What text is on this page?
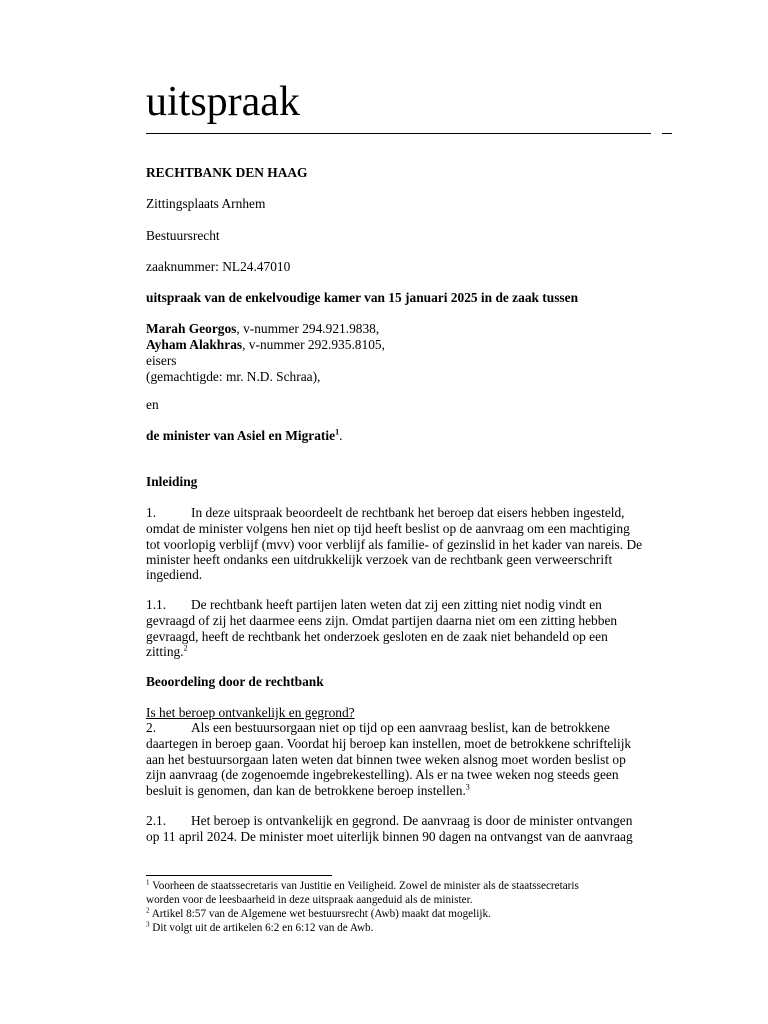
uitspraak
RECHTBANK DEN HAAG
Zittingsplaats Arnhem
Bestuursrecht
zaaknummer: NL24.47010
uitspraak van de enkelvoudige kamer van 15 januari 2025 in de zaak tussen
Marah Georgos, v-nummer 294.921.9838,
Ayham Alakhras, v-nummer 292.935.8105,
eisers
(gemachtigde: mr. N.D. Schraa),
en
de minister van Asiel en Migratie$^1$.
Inleiding
1.	In deze uitspraak beoordeelt de rechtbank het beroep dat eisers hebben ingesteld,
omdat de minister volgens hen niet op tijd heeft beslist op de aanvraag om een machtiging
tot voorlopig verblijf (mvv) voor verblijf als familie- of gezinslid in het kader van nareis. De
minister heeft ondanks een uitdrukkelijk verzoek van de rechtbank geen verweerschrift
ingediend.
1.1. De rechtbank heeft partijen laten weten dat zij een zitting niet nodig vindt en
gevraagd of zij het daarmee eens zijn. Omdat partijen daarna niet om een zitting hebben
gevraagd, heeft de rechtbank het onderzoek gesloten en de zaak niet behandeld op een
zitting.$^2$
Beoordeling door de rechtbank
Is het beroep ontvankelijk en gegrond?
2.	Als een bestuursorgaan niet op tijd op een aanvraag beslist, kan de betrokkene
daartegen in beroep gaan. Voordat hij beroep kan instellen, moet de betrokkene schriftelijk
aan het bestuursorgaan laten weten dat binnen twee weken alsnog moet worden beslist op
zijn aanvraag (de zogenoemde ingebrekestelling). Als er na twee weken nog steeds geen
besluit is genomen, dan kan de betrokkene beroep instellen.$^3$
2.1. Het beroep is ontvankelijk en gegrond. De aanvraag is door de minister ontvangen
op 11 april 2024. De minister moet uiterlijk binnen 90 dagen na ontvangst van de aanvraag
$^1$ Voorheen de staatssecretaris van Justitie en Veiligheid. Zowel de minister als de staatssecretaris
worden voor de leesbaarheid in deze uitspraak aangeduid als de minister.
$^2$ Artikel 8:57 van de Algemene wet bestuursrecht (Awb) maakt dat mogelijk.
$^3$ Dit volgt uit de artikelen 6:2 en 6:12 van de Awb.
